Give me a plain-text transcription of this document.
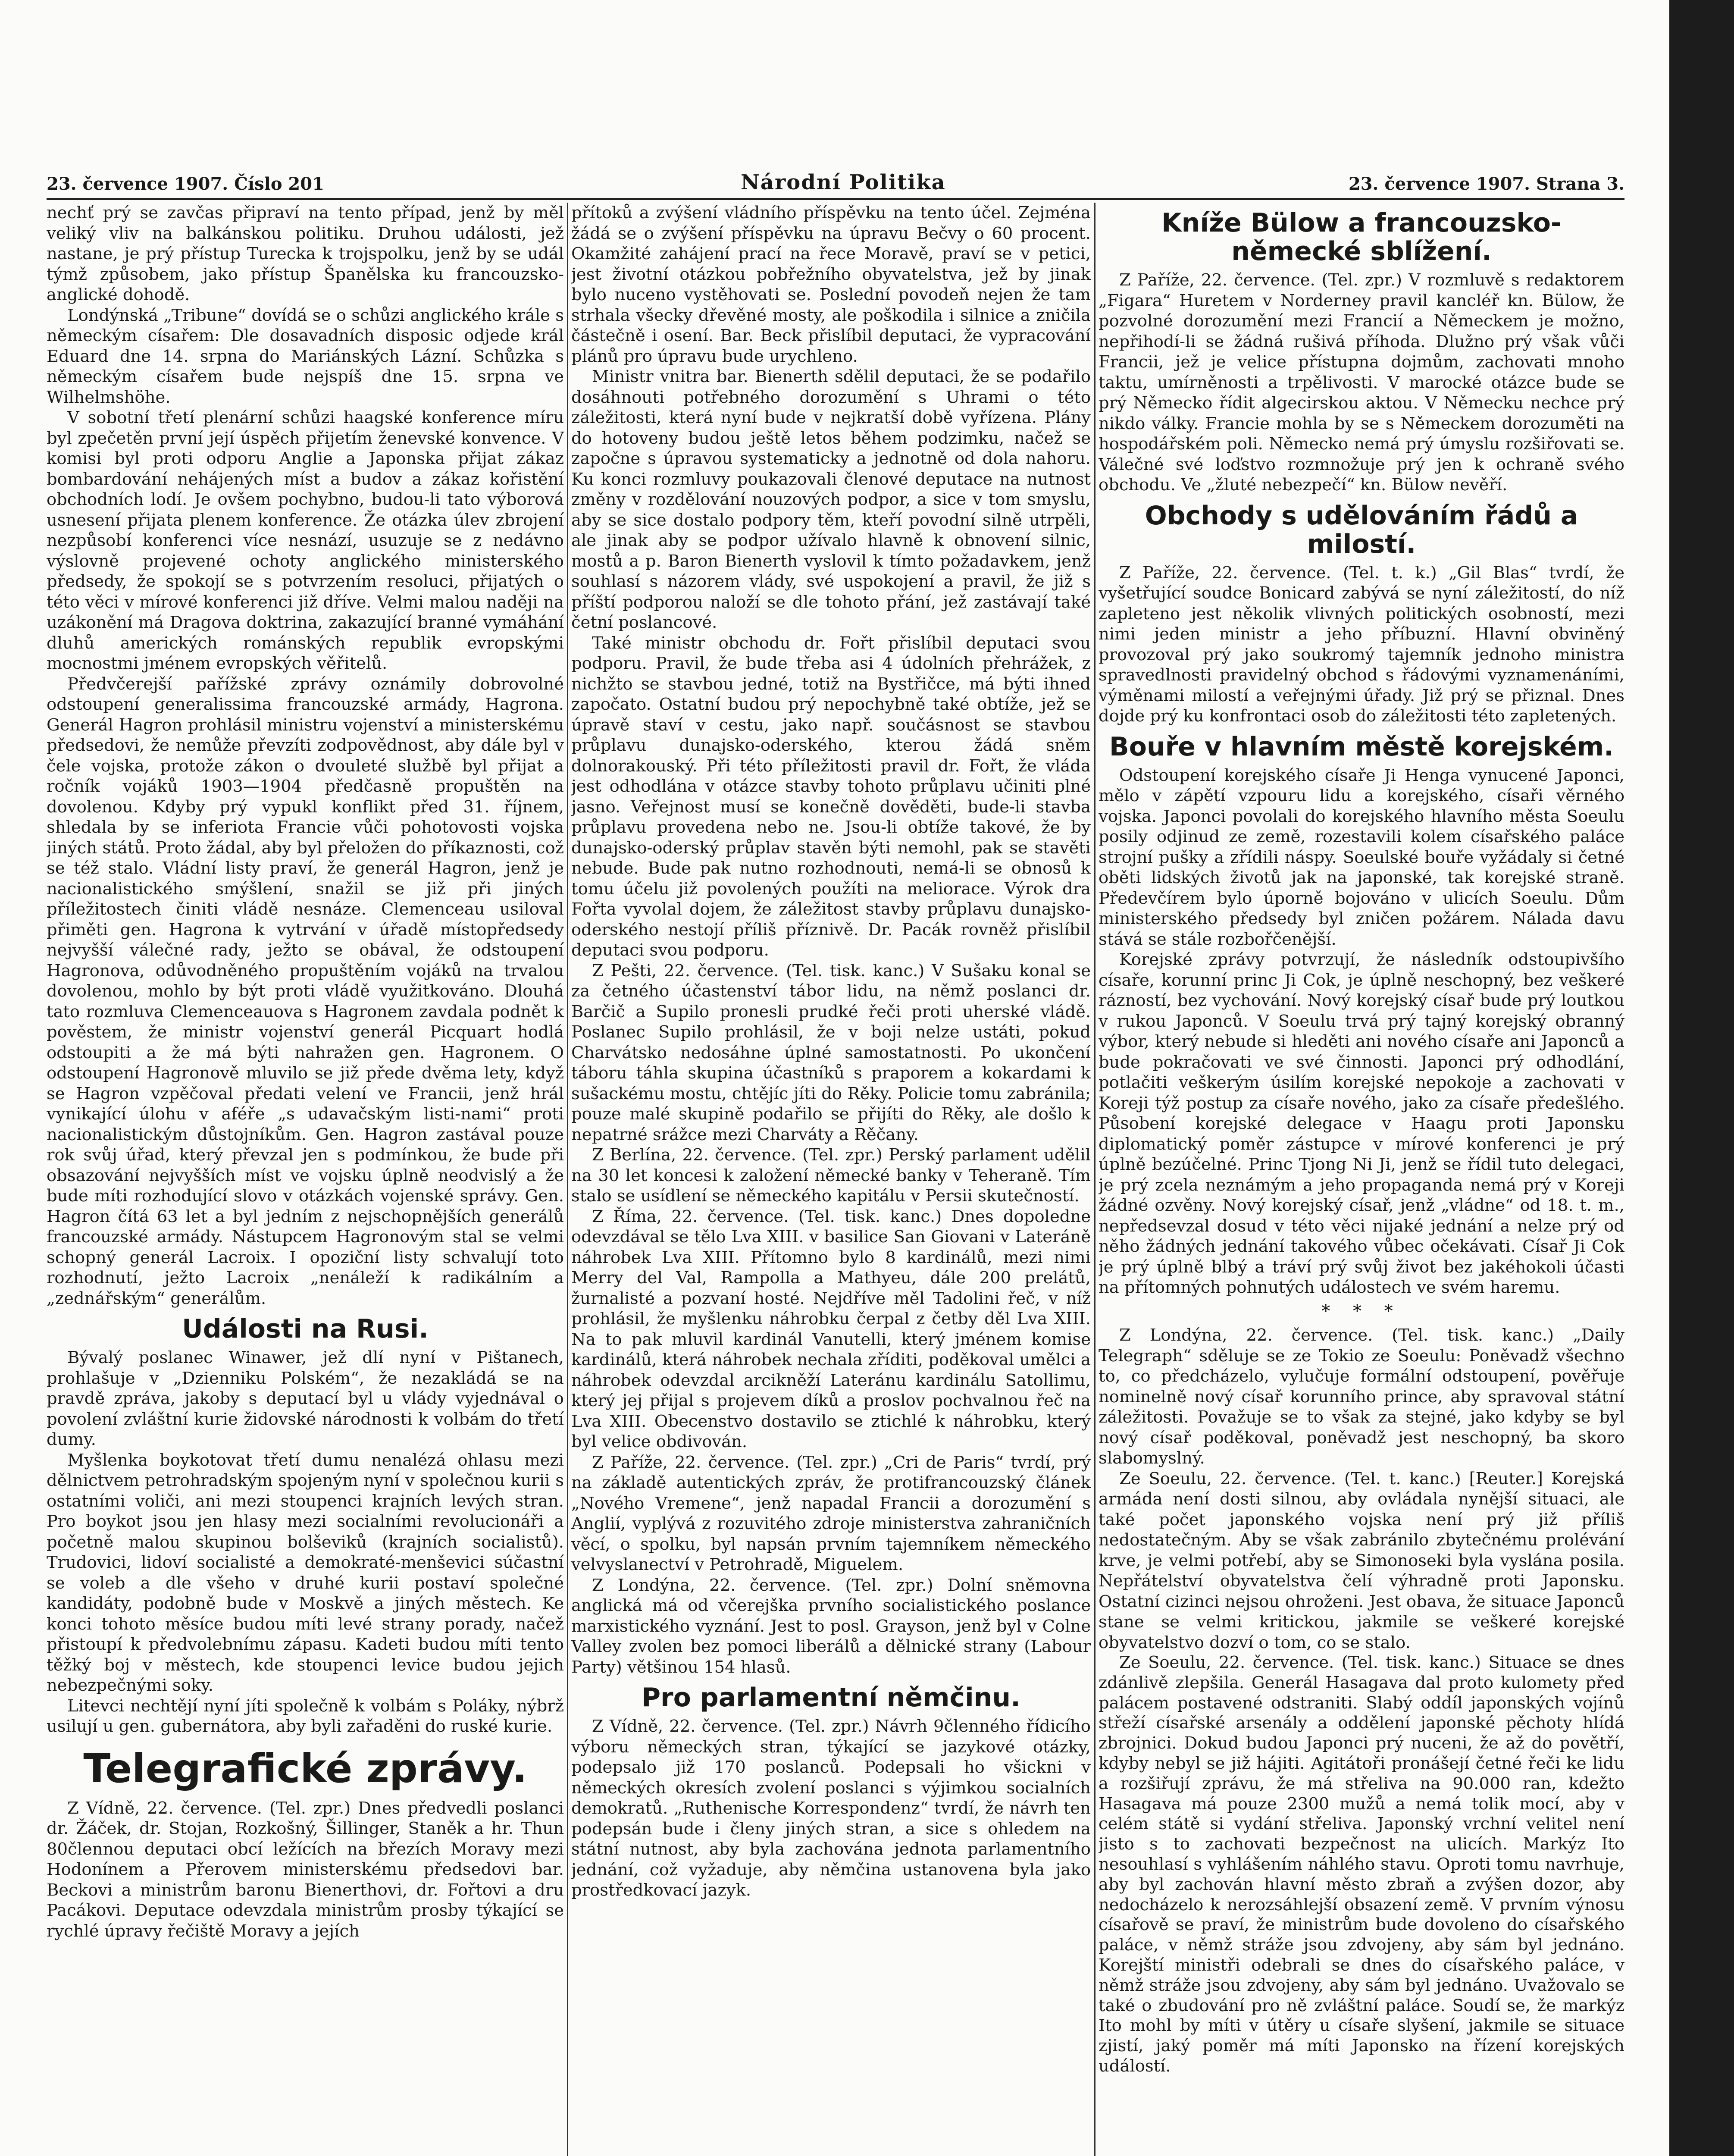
23. července 1907. Číslo 201	Národní Politika	23. července 1907. Strana 3.

nechť prý se zavčas připraví na tento případ, jenž by měl veliký vliv na balkánskou politiku. Druhou události, jež nastane, je prý přístup Turecka k trojspolku, jenž by se udál týmž způsobem, jako přístup Španělska ku francouzsko-anglické dohodě.

Londýnská „Tribune“ dovídá se o schůzi anglického krále s německým císařem: Dle dosavadních disposic odjede král Eduard dne 14. srpna do Mariánských Lázní. Schůzka s německým císařem bude nejspíš dne 15. srpna ve Wilhelmshöhe.

V sobotní třetí plenární schůzi haagské konference míru byl zpečetěn první její úspěch přijetím ženevské konvence. V komisi byl proti odporu Anglie a Japonska přijat zákaz bombardování nehájených míst a budov a zákaz kořistění obchodních lodí. Je ovšem pochybno, budou-li tato výborová usnesení přijata plenem konference. Že otázka úlev zbrojení nezpůsobí konferenci více nesnází, usuzuje se z nedávno výslovně projevené ochoty anglického ministerského předsedy, že spokojí se s potvrzením resoluci, přijatých o této věci v mírové konferenci již dříve. Velmi malou naději na uzákonění má Dragova doktrina, zakazující branné vymáhání dluhů amerických románských republik evropskými mocnostmi jménem evropských věřitelů.

Předvčerejší pařížské zprávy oznámily dobrovolné odstoupení generalissima francouzské armády, Hagrona. Generál Hagron prohlásil ministru vojenství a ministerskému předsedovi, že nemůže převzíti zodpovědnost, aby dále byl v čele vojska, protože zákon o dvouleté službě byl přijat a ročník vojáků 1903—1904 předčasně propuštěn na dovolenou. Kdyby prý vypukl konflikt před 31. říjnem, shledala by se inferiota Francie vůči pohotovosti vojska jiných států. Proto žádal, aby byl přeložen do příkaznosti, což se též stalo. Vládní listy praví, že generál Hagron, jenž je nacionalistického smýšlení, snažil se již při jiných příležitostech činiti vládě nesnáze. Clemenceau usiloval přiměti gen. Hagrona k vytrvání v úřadě místopředsedy nejvyšší válečné rady, ježto se obával, že odstoupení Hagronova, odůvodněného propuštěním vojáků na trvalou dovolenou, mohlo by být proti vládě využitkováno. Dlouhá tato rozmluva Clemenceauova s Hagronem zavdala podnět k pověstem, že ministr vojenství generál Picquart hodlá odstoupiti a že má býti nahražen gen. Hagronem. O odstoupení Hagronově mluvilo se již přede dvěma lety, když se Hagron vzpěčoval předati velení ve Francii, jenž hrál vynikající úlohu v aféře „s udavačským listi-nami“ proti nacionalistickým důstojníkům. Gen. Hagron zastával pouze rok svůj úřad, který převzal jen s podmínkou, že bude při obsazování nejvyšších míst ve vojsku úplně neodvislý a že bude míti rozhodující slovo v otázkách vojenské správy. Gen. Hagron čítá 63 let a byl jedním z nejschopnějších generálů francouzské armády. Nástupcem Hagronovým stal se velmi schopný generál Lacroix. I opoziční listy schvalují toto rozhodnutí, ježto Lacroix „nenáleží k radikálním a „zednářským“ generálům.

Události na Rusi.

Bývalý poslanec Winawer, jež dlí nyní v Pištanech, prohlašuje v „Dzienniku Polském“, že nezakládá se na pravdě zpráva, jakoby s deputací byl u vlády vyjednával o povolení zvláštní kurie židovské národnosti k volbám do třetí dumy.

Myšlenka boykotovat třetí dumu nenalézá ohlasu mezi dělnictvem petrohradským spojeným nyní v společnou kurii s ostatními voliči, ani mezi stoupenci krajních levých stran. Pro boykot jsou jen hlasy mezi socialními revolucionáři a početně malou skupinou bolševiků (krajních socialistů). Trudovici, lidoví socialisté a demokraté-menševici súčastní se voleb a dle všeho v druhé kurii postaví společné kandidáty, podobně bude v Moskvě a jiných městech. Ke konci tohoto měsíce budou míti levé strany porady, načež přistoupí k předvolebnímu zápasu. Kadeti budou míti tento těžký boj v městech, kde stoupenci levice budou jejich nebezpečnými soky.

Litevci nechtějí nyní jíti společně k volbám s Poláky, nýbrž usilují u gen. gubernátora, aby byli zařaděni do ruské kurie.

Telegrafické zprávy.

Z Vídně, 22. července. (Tel. zpr.) Dnes předvedli poslanci dr. Žáček, dr. Stojan, Rozkošný, Šillinger, Staněk a hr. Thun 80člennou deputaci obcí ležících na březích Moravy mezi Hodonínem a Přerovem ministerskému předsedovi bar. Beckovi a ministrům baronu Bienerthovi, dr. Fořtovi a dru Pacákovi. Deputace odevzdala ministrům prosby týkající se rychlé úpravy řečiště Moravy a jejích

přítoků a zvýšení vládního příspěvku na tento účel. Zejména žádá se o zvýšení příspěvku na úpravu Bečvy o 60 procent. Okamžité zahájení prací na řece Moravě, praví se v petici, jest životní otázkou pobřežního obyvatelstva, jež by jinak bylo nuceno vystěhovati se. Poslední povodeň nejen že tam strhala všecky dřevěné mosty, ale poškodila i silnice a zničila částečně i osení. Bar. Beck přislíbil deputaci, že vypracování plánů pro úpravu bude urychleno.

Ministr vnitra bar. Bienerth sdělil deputaci, že se podařilo dosáhnouti potřebného dorozumění s Uhrami o této záležitosti, která nyní bude v nejkratší době vyřízena. Plány do hotoveny budou ještě letos během podzimku, načež se započne s úpravou systematicky a jednotně od dola nahoru. Ku konci rozmluvy poukazovali členové deputace na nutnost změny v rozdělování nouzových podpor, a sice v tom smyslu, aby se sice dostalo podpory těm, kteří povodní silně utrpěli, ale jinak aby se podpor užívalo hlavně k obnovení silnic, mostů a p. Baron Bienerth vyslovil k tímto požadavkem, jenž souhlasí s názorem vlády, své uspokojení a pravil, že již s příští podporou naloží se dle tohoto přání, jež zastávají také četní poslancové.

Také ministr obchodu dr. Fořt přislíbil deputaci svou podporu. Pravil, že bude třeba asi 4 údolních přehrážek, z nichžto se stavbou jedné, totiž na Bystřičce, má býti ihned započato. Ostatní budou prý nepochybně také obtíže, jež se úpravě staví v cestu, jako např. součásnost se stavbou průplavu dunajsko-oderského, kterou žádá sněm dolnorakouský. Při této příležitosti pravil dr. Fořt, že vláda jest odhodlána v otázce stavby tohoto průplavu učiniti plné jasno. Veřejnost musí se konečně dověděti, bude-li stavba průplavu provedena nebo ne. Jsou-li obtíže takové, že by dunajsko-oderský průplav stavěn býti nemohl, pak se stavěti nebude. Bude pak nutno rozhodnouti, nemá-li se obnosů k tomu účelu již povolených použíti na meliorace. Výrok dra Fořta vyvolal dojem, že záležitost stavby průplavu dunajsko-oderského nestojí příliš příznivě. Dr. Pacák rovněž přislíbil deputaci svou podporu.

Z Pešti, 22. července. (Tel. tisk. kanc.) V Sušaku konal se za četného účastenství tábor lidu, na němž poslanci dr. Barčič a Supilo pronesli prudké řeči proti uherské vládě. Poslanec Supilo prohlásil, že v boji nelze ustáti, pokud Charvátsko nedosáhne úplné samostatnosti. Po ukončení táboru táhla skupina účastníků s praporem a kokardami k sušackému mostu, chtějíc jíti do Rěky. Policie tomu zabránila; pouze malé skupině podařilo se přijíti do Rěky, ale došlo k nepatrné srážce mezi Charváty a Rěčany.

Z Berlína, 22. července. (Tel. zpr.) Perský parlament udělil na 30 let koncesi k založení německé banky v Teheraně. Tím stalo se usídlení se německého kapitálu v Persii skutečností.

Z Říma, 22. července. (Tel. tisk. kanc.) Dnes dopoledne odevzdával se tělo Lva XIII. v basilice San Giovani v Lateráně náhrobek Lva XIII. Přítomno bylo 8 kardinálů, mezi nimi Merry del Val, Rampolla a Mathyeu, dále 200 prelátů, žurnalisté a pozvaní hosté. Nejdříve měl Tadolini řeč, v níž prohlásil, že myšlenku náhrobku čerpal z četby děl Lva XIII. Na to pak mluvil kardinál Vanutelli, který jménem komise kardinálů, která náhrobek nechala zříditi, poděkoval umělci a náhrobek odevzdal arcikněží Lateránu kardinálu Satollimu, který jej přijal s projevem díků a proslov pochvalnou řeč na Lva XIII. Obecenstvo dostavilo se ztichlé k náhrobku, který byl velice obdivován.

Z Paříže, 22. července. (Tel. zpr.) „Cri de Paris“ tvrdí, prý na základě autentických zpráv, že protifrancouzský článek „Nového Vremene“, jenž napadal Francii a dorozumění s Anglií, vyplývá z rozuvitého zdroje ministerstva zahraničních věcí, o spolku, byl napsán prvním tajemníkem německého velvyslanectví v Petrohradě, Miguelem.

Z Londýna, 22. července. (Tel. zpr.) Dolní sněmovna anglická má od včerejška prvního socialistického poslance marxistického vyznání. Jest to posl. Grayson, jenž byl v Colne Valley zvolen bez pomoci liberálů a dělnické strany (Labour Party) většinou 154 hlasů.

Pro parlamentní němčinu.

Z Vídně, 22. července. (Tel. zpr.) Návrh 9členného řídicího výboru německých stran, týkající se jazykové otázky, podepsalo již 170 poslanců. Podepsali ho všickni v německých okresích zvolení poslanci s výjimkou socialních demokratů. „Ruthenische Korrespondenz“ tvrdí, že návrh ten podepsán bude i členy jiných stran, a sice s ohledem na státní nutnost, aby byla zachována jednota parlamentního jednání, což vyžaduje, aby němčina ustanovena byla jako prostředkovací jazyk.

Kníže Bülow a francouzsko-německé sblížení.

Z Paříže, 22. července. (Tel. zpr.) V rozmluvě s redaktorem „Figara“ Huretem v Norderney pravil kancléř kn. Bülow, že pozvolné dorozumění mezi Francií a Německem je možno, nepřihodí-li se žádná rušivá příhoda. Dlužno prý však vůči Francii, jež je velice přístupna dojmům, zachovati mnoho taktu, umírněnosti a trpělivosti. V marocké otázce bude se prý Německo řídit algecirskou aktou. V Německu nechce prý nikdo války. Francie mohla by se s Německem dorozuměti na hospodářském poli. Německo nemá prý úmyslu rozšiřovati se. Válečné své loďstvo rozmnožuje prý jen k ochraně svého obchodu. Ve „žluté nebezpečí“ kn. Bülow nevěří.

Obchody s udělováním řádů a milostí.

Z Paříže, 22. července. (Tel. t. k.) „Gil Blas“ tvrdí, že vyšetřující soudce Bonicard zabývá se nyní záležitostí, do níž zapleteno jest několik vlivných politických osobností, mezi nimi jeden ministr a jeho příbuzní. Hlavní obviněný provozoval prý jako soukromý tajemník jednoho ministra spravedlnosti pravidelný obchod s řádovými vyznamenáními, výměnami milostí a veřejnými úřady. Již prý se přiznal. Dnes dojde prý ku konfrontaci osob do záležitosti této zapletených.

Bouře v hlavním městě korejském.

Odstoupení korejského císaře Ji Henga vynucené Japonci, mělo v zápětí vzpouru lidu a korejského, císaři věrného vojska. Japonci povolali do korejského hlavního města Soeulu posily odjinud ze země, rozestavili kolem císařského paláce strojní pušky a zřídili náspy. Soeulské bouře vyžádaly si četné oběti lidských životů jak na japonské, tak korejské straně. Předevčírem bylo úporně bojováno v ulicích Soeulu. Dům ministerského předsedy byl zničen požárem. Nálada davu stává se stále rozbořčenější.

Korejské zprávy potvrzují, že následník odstoupivšího císaře, korunní princ Ji Cok, je úplně neschopný, bez veškeré rázností, bez vychování. Nový korejský císař bude prý loutkou v rukou Japonců. V Soeulu trvá prý tajný korejský obranný výbor, který nebude si hleděti ani nového císaře ani Japonců a bude pokračovati ve své činnosti. Japonci prý odhodlání, potlačiti veškerým úsilím korejské nepokoje a zachovati v Koreji týž postup za císaře nového, jako za císaře předešlého. Působení korejské delegace v Haagu proti Japonsku diplomatický poměr zástupce v mírové konferenci je prý úplně bezúčelné. Princ Tjong Ni Ji, jenž se řídil tuto delegaci, je prý zcela neznámým a jeho propaganda nemá prý v Koreji žádné ozvěny. Nový korejský císař, jenž „vládne“ od 18. t. m., nepředsevzal dosud v této věci nijaké jednání a nelze prý od něho žádných jednání takového vůbec očekávati. Císař Ji Cok je prý úplně blbý a tráví prý svůj život bez jakéhokoli účasti na přítomných pohnutých událostech ve svém haremu.

* * *

Z Londýna, 22. července. (Tel. tisk. kanc.) „Daily Telegraph“ sděluje se ze Tokio ze Soeulu: Poněvadž všechno to, co předcházelo, vylučuje formální odstoupení, pověřuje nominelně nový císař korunního prince, aby spravoval státní záležitosti. Považuje se to však za stejné, jako kdyby se byl nový císař poděkoval, poněvadž jest neschopný, ba skoro slabomyslný.

Ze Soeulu, 22. července. (Tel. t. kanc.) [Reuter.] Korejská armáda není dosti silnou, aby ovládala nynější situaci, ale také počet japonského vojska není prý již příliš nedostatečným. Aby se však zabránilo zbytečnému prolévání krve, je velmi potřebí, aby se Simonoseki byla vyslána posila. Nepřátelství obyvatelstva čelí výhradně proti Japonsku. Ostatní cizinci nejsou ohroženi. Jest obava, že situace Japonců stane se velmi kritickou, jakmile se veškeré korejské obyvatelstvo dozví o tom, co se stalo.

Ze Soeulu, 22. července. (Tel. tisk. kanc.) Situace se dnes zdánlivě zlepšila. Generál Hasagava dal proto kulomety před palácem postavené odstraniti. Slabý oddíl japonských vojínů střeží císařské arsenály a oddělení japonské pěchoty hlídá zbrojnici. Dokud budou Japonci prý nuceni, že až do povětří, kdyby nebyl se již hájiti. Agitátoři pronášejí četné řeči ke lidu a rozšiřují zprávu, že má střeliva na 90.000 ran, kdežto Hasagava má pouze 2300 mužů a nemá tolik mocí, aby v celém státě si vydání střeliva. Japonský vrchní velitel není jisto s to zachovati bezpečnost na ulicích. Markýz Ito nesouhlasí s vyhlášením náhlého stavu. Oproti tomu navrhuje, aby byl zachován hlavní město zbraň a zvýšen dozor, aby nedocházelo k nerozsáhlejší obsazení země. V prvním výnosu císařově se praví, že ministrům bude dovoleno do císařského paláce, v němž stráže jsou zdvojeny, aby sám byl jednáno. Korejští ministři odebrali se dnes do císařského paláce, v němž stráže jsou zdvojeny, aby sám byl jednáno. Uvažovalo se také o zbudování pro ně zvláštní paláce. Soudí se, že markýz Ito mohl by míti v útěry u císaře slyšení, jakmile se situace zjistí, jaký poměr má míti Japonsko na řízení korejských událostí.
